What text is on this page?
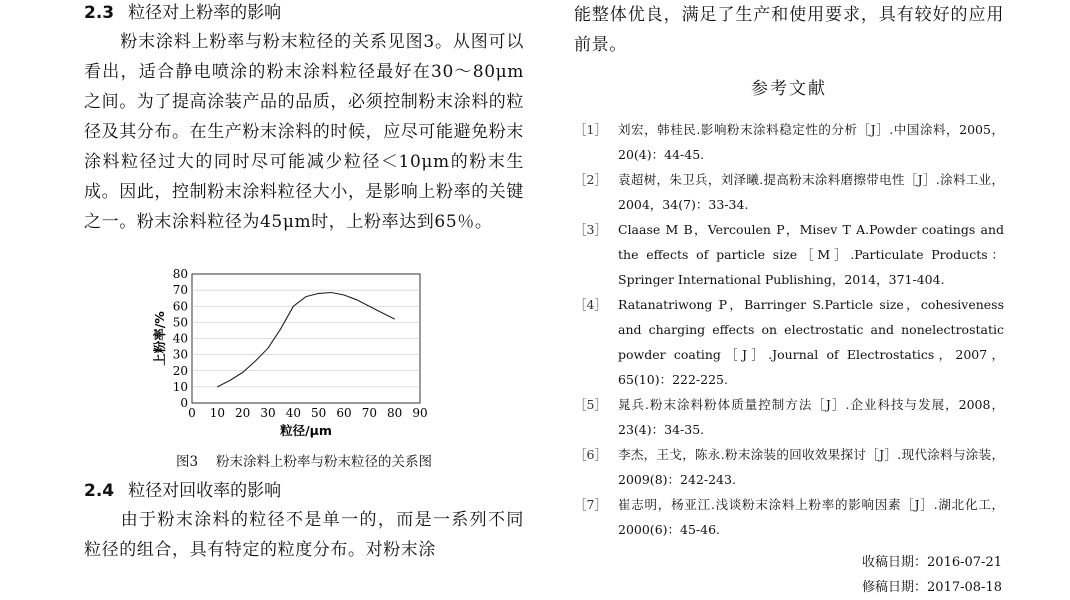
2.3 粒径对上粉率的影响
粉末涂料上粉率与粉末粒径的关系见图3。从图可以看出，适合静电喷涂的粉末涂料粒径最好在30～80μm之间。为了提高涂装产品的品质，必须控制粉末涂料的粒径及其分布。在生产粉末涂料的时候，应尽可能避免粉末涂料粒径过大的同时尽可能减少粒径＜10μm的粉末生成。因此，控制粉末涂料粒径大小，是影响上粉率的关键之一。粉末涂料粒径为45μm时，上粉率达到65％。
0
10
20
30
40
50
60
70
80
0 10 20 30 40 50 60 70 80 90
粒径/μm
上粉率/%
图3 粉末涂料上粉率与粉末粒径的关系图
2.4 粒径对回收率的影响
由于粉末涂料的粒径不是单一的，而是一系列不同粒径的组合，具有特定的粒度分布。对粉末涂
能整体优良，满足了生产和使用要求，具有较好的应用前景。
参考文献
［1］ 刘宏，韩桂民.影响粉末涂料稳定性的分析［J］.中国涂料，2005，20(4)：44-45.
［2］ 袁超树，朱卫兵，刘泽曦.提高粉末涂料磨擦带电性［J］.涂料工业，2004，34(7)：33-34.
［3］ Claase M B，Vercoulen P，Misev T A.Powder coatings and the effects of particle size［M］.Particulate Products：Springer International Publishing，2014，371-404.
［4］ Ratanatriwong P，Barringer S.Particle size，cohesiveness and charging effects on electrostatic and nonelectrostatic powder coating［J］.Journal of Electrostatics，2007，65(10)：222-225.
［5］ 晁兵.粉末涂料粉体质量控制方法［J］.企业科技与发展，2008，23(4)：34-35.
［6］ 李杰，王戈，陈永.粉末涂装的回收效果探讨［J］.现代涂料与涂装，2009(8)：242-243.
［7］ 崔志明，杨亚江.浅谈粉末涂料上粉率的影响因素［J］.湖北化工，2000(6)：45-46.
收稿日期：2016-07-21
修稿日期：2017-08-18
